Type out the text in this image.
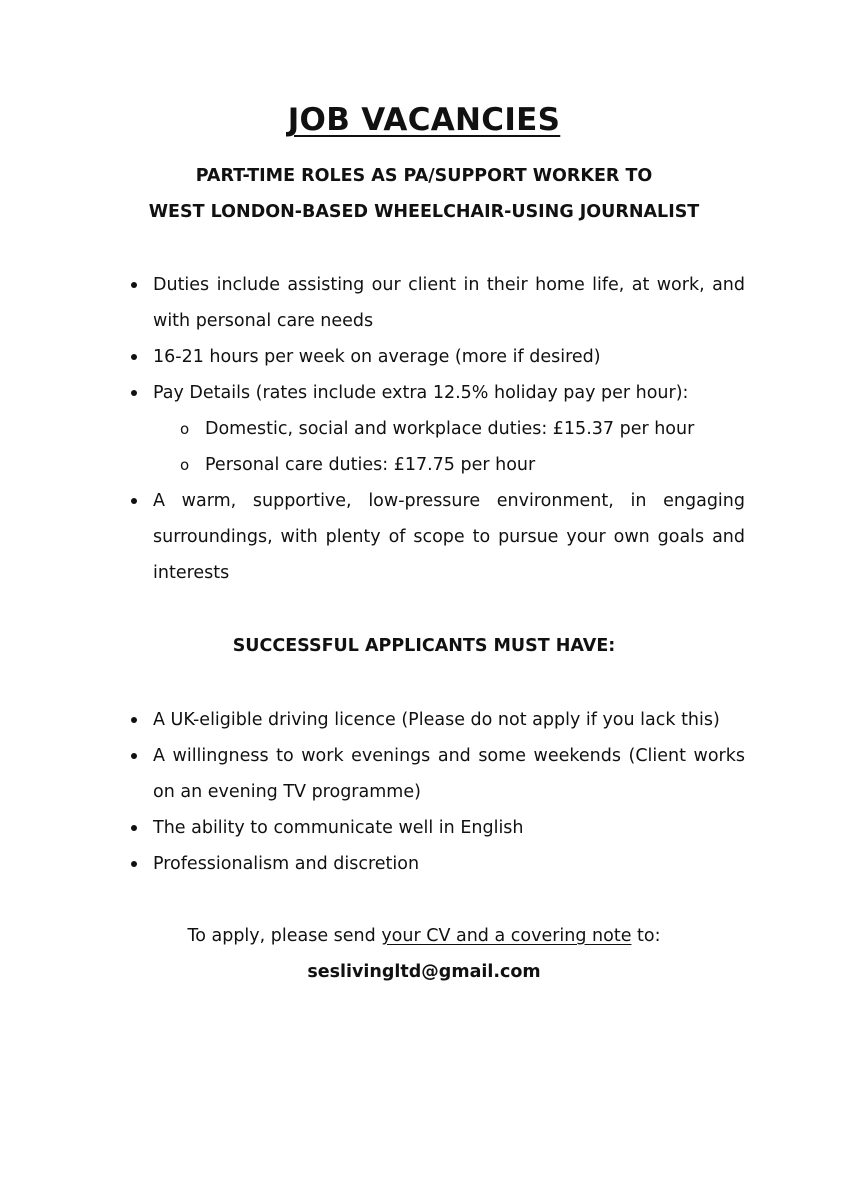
JOB VACANCIES
PART-TIME ROLES AS PA/SUPPORT WORKER TO
WEST LONDON-BASED WHEELCHAIR-USING JOURNALIST
Duties include assisting our client in their home life, at work, and with personal care needs
16-21 hours per week on average (more if desired)
Pay Details (rates include extra 12.5% holiday pay per hour):
o Domestic, social and workplace duties: £15.37 per hour
o Personal care duties: £17.75 per hour
A warm, supportive, low-pressure environment, in engaging surroundings, with plenty of scope to pursue your own goals and interests
SUCCESSFUL APPLICANTS MUST HAVE:
A UK-eligible driving licence (Please do not apply if you lack this)
A willingness to work evenings and some weekends (Client works on an evening TV programme)
The ability to communicate well in English
Professionalism and discretion
To apply, please send your CV and a covering note to:
seslivingltd@gmail.com
